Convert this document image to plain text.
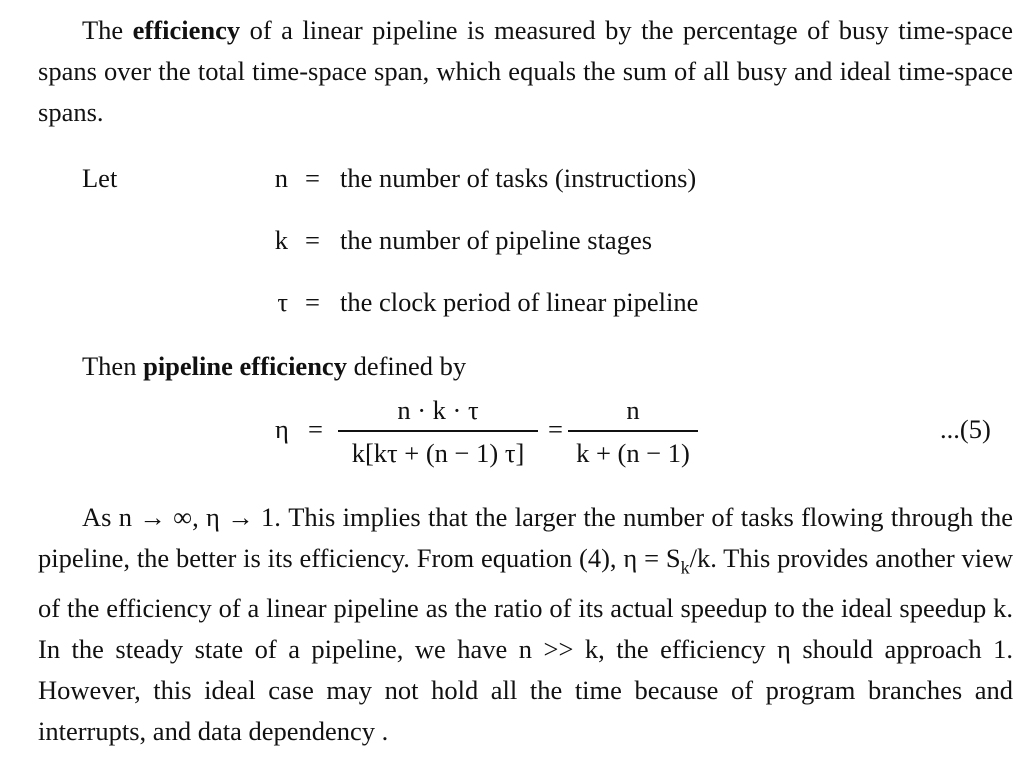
The efficiency of a linear pipeline is measured by the percentage of busy time-space spans over the total time-space span, which equals the sum of all busy and ideal time-space spans.

Let	n = the number of tasks (instructions)
k = the number of pipeline stages
τ = the clock period of linear pipeline
Then pipeline efficiency defined by
η =
n · k · τ
k[kτ + (n − 1) τ]
=
n
k + (n − 1)
...(5)

As n → ∞, η → 1. This implies that the larger the number of tasks flowing through the pipeline, the better is its efficiency. From equation (4), $\eta = S_k/k$. This provides another view of the efficiency of a linear pipeline as the ratio of its actual speedup to the ideal speedup k. In the steady state of a pipeline, we have n >> k, the efficiency η should approach 1. However, this ideal case may not hold all the time because of program branches and interrupts, and data dependency .
